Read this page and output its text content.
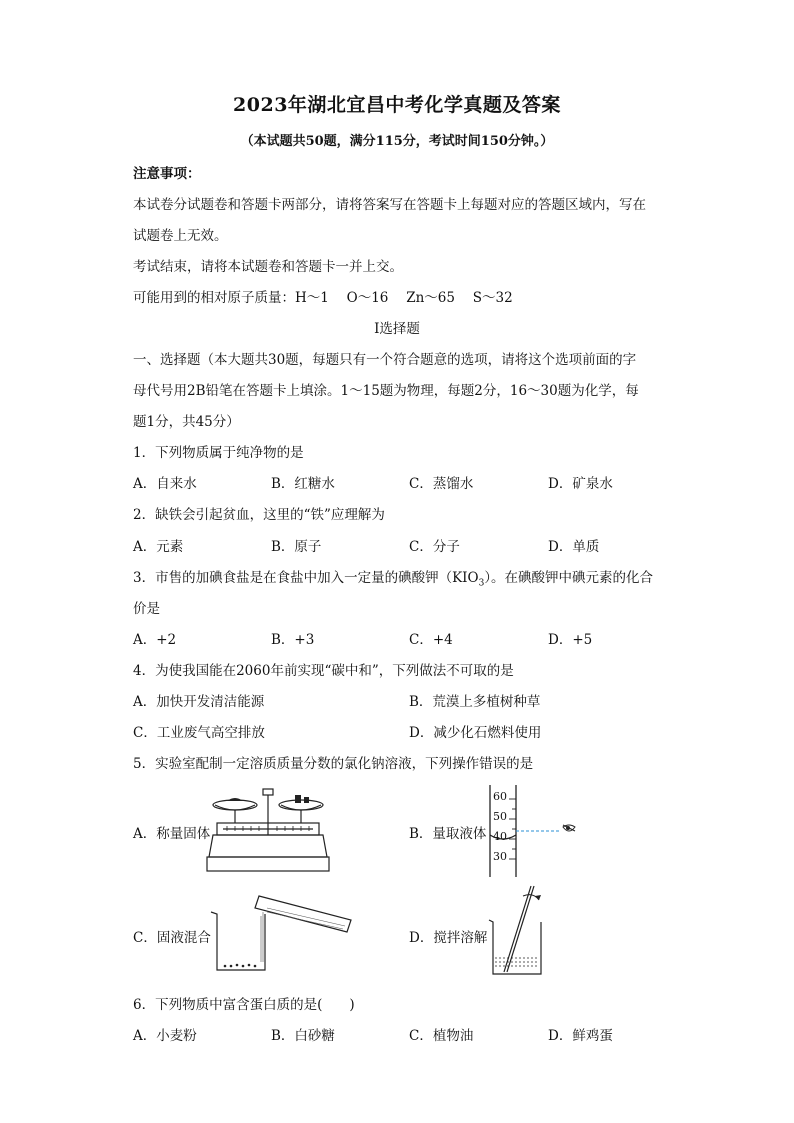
2023年湖北宜昌中考化学真题及答案
（本试题共50题，满分115分，考试时间150分钟。）
注意事项：
本试卷分试题卷和答题卡两部分，请将答案写在答题卡上每题对应的答题区域内，写在
试题卷上无效。
考试结束，请将本试题卷和答题卡一并上交。
可能用到的相对原子质量：H～1　 O～16　 Zn～65　 S～32
Ⅰ选择题
一、选择题（本大题共30题，每题只有一个符合题意的选项，请将这个选项前面的字
母代号用2B铅笔在答题卡上填涂。1～15题为物理，每题2分，16～30题为化学，每
题1分，共45分）
1．下列物质属于纯净物的是
A．自来水	B．红糖水	C．蒸馏水	D．矿泉水
2．缺铁会引起贫血，这里的“铁”应理解为
A．元素	B．原子	C．分子	D．单质
3．市售的加碘食盐是在食盐中加入一定量的碘酸钾$(KIO_3)$。在碘酸钾中碘元素的化合
价是
A．+2	B．+3	C．+4	D．+5
4．为使我国能在2060年前实现“碳中和”，下列做法不可取的是
A．加快开发清洁能源	B．荒漠上多植树种草
C．工业废气高空排放	D．减少化石燃料使用
5．实验室配制一定溶质质量分数的氯化钠溶液，下列操作错误的是
A．称量固体	B．量取液体
60
50
40
30
C．固液混合	D．搅拌溶解
6．下列物质中富含蛋白质的是(　　)
A．小麦粉	B．白砂糖	C．植物油	D．鲜鸡蛋
